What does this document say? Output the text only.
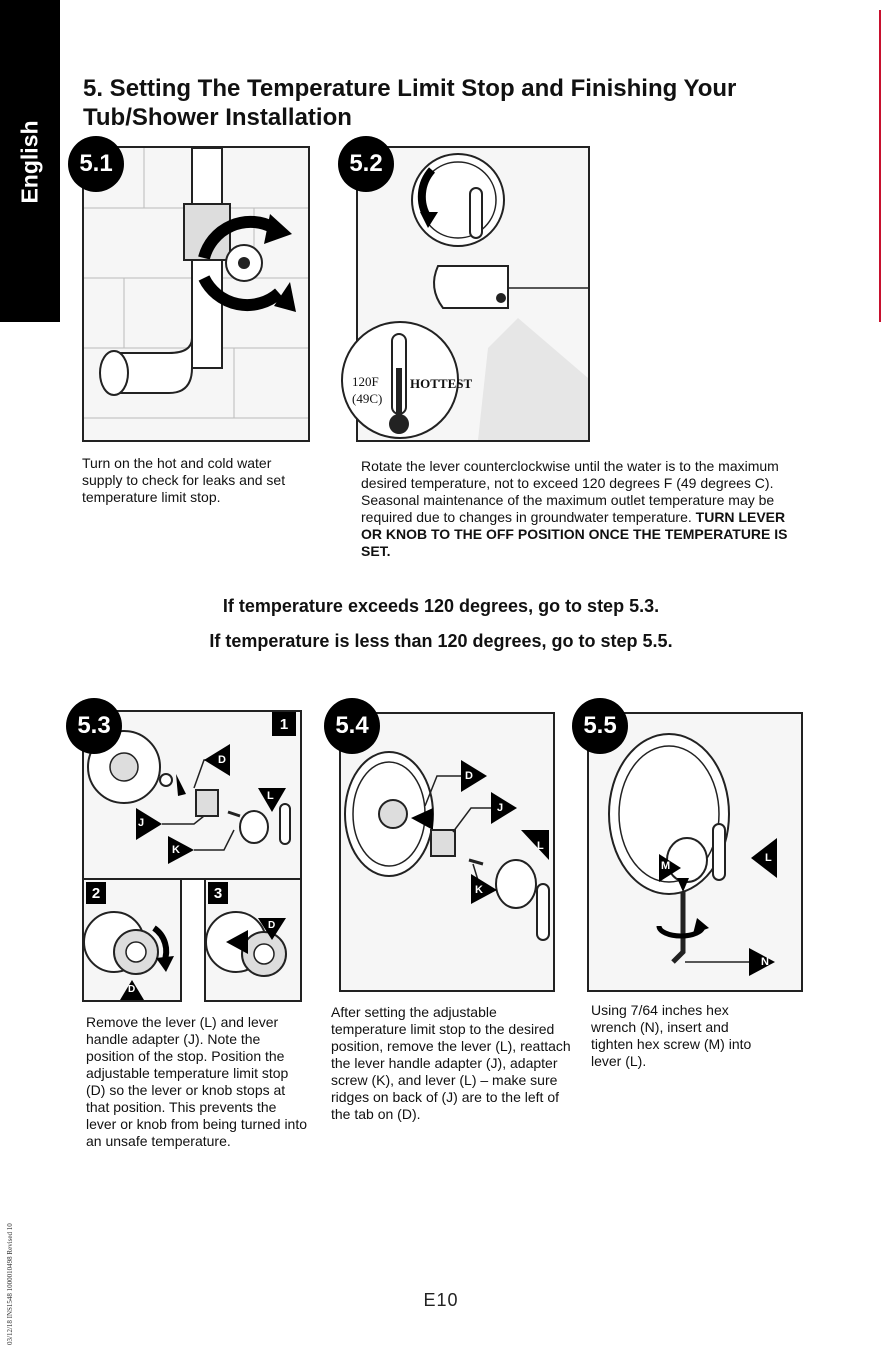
English
5. Setting The Temperature Limit Stop and Finishing Your Tub/Shower Installation
5.1
Turn on the hot and cold water supply to check for leaks and set temperature limit stop.
120F
(49C)
HOTTEST
5.2
Rotate the lever counterclockwise until the water is to the maximum desired temperature, not to exceed 120 degrees F (49 degrees C). Seasonal maintenance of the maximum outlet temperature may be required due to changes in groundwater temperature. TURN LEVER OR KNOB TO THE OFF POSITION ONCE THE TEMPERATURE IS SET.
If temperature exceeds 120 degrees, go to step 5.3.
If temperature is less than 120 degrees, go to step 5.5.
D
J
K
L
1
D
2
D
3
5.3
Remove the lever (L) and lever handle adapter (J). Note the position of the stop. Position the adjustable temperature limit stop (D) so the lever or knob stops at that position. This prevents the lever or knob from being turned into an unsafe temperature.
D
J
L
K
5.4
After setting the adjustable temperature limit stop to the desired position, remove the lever (L), reattach the lever handle adapter (J), adapter screw (K), and lever (L) – make sure ridges on back of (J) are to the left of the tab on (D).
M
L
N
5.5
Using 7/64 inches hex wrench (N), insert and tighten hex screw (M) into lever (L).
03/12/18 INS1548 1000010498 Revised 10	E10
